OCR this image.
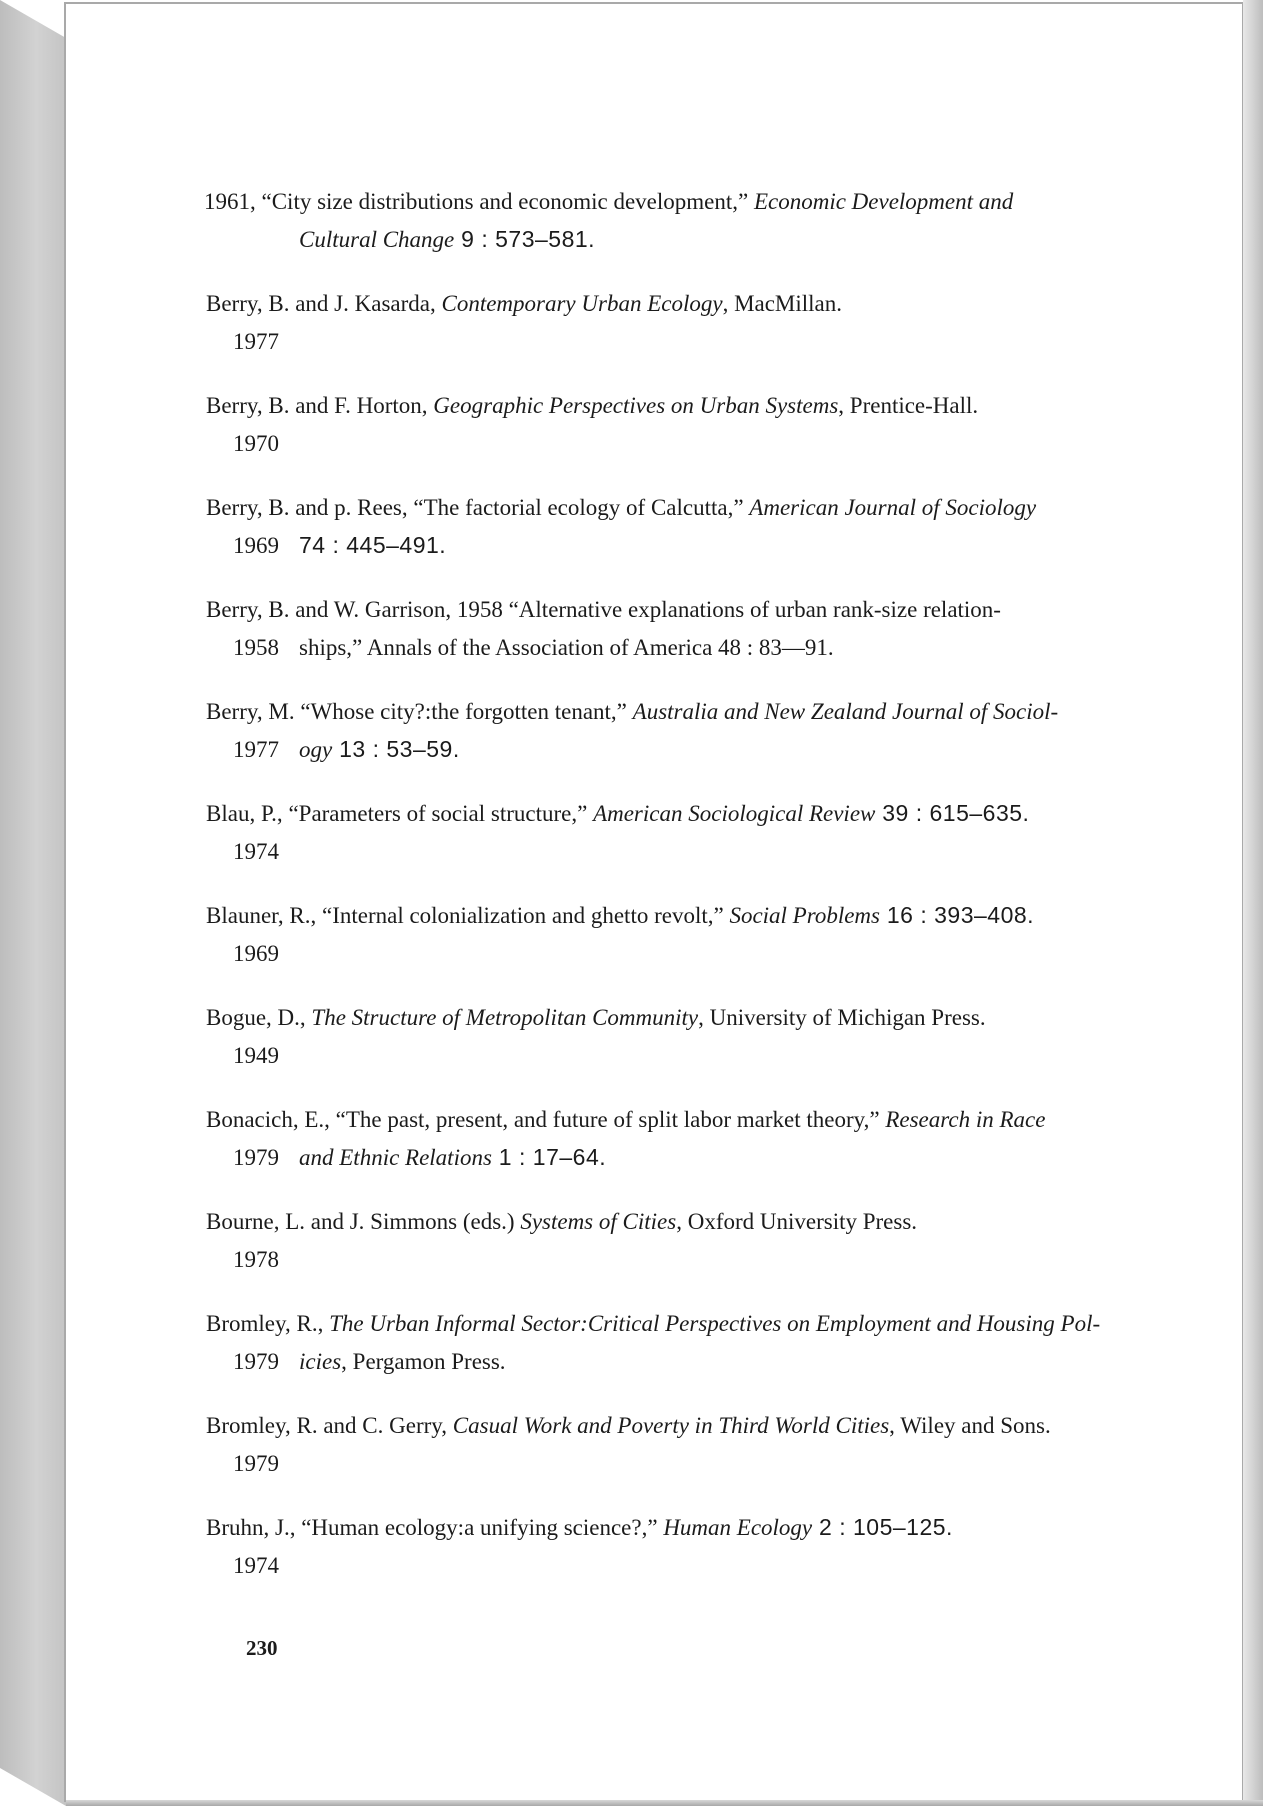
1961, “City size distributions and economic development,” Economic Development and
Cultural Change 9 : 573–581.
Berry, B. and J. Kasarda, Contemporary Urban Ecology, MacMillan.
1977
Berry, B. and F. Horton, Geographic Perspectives on Urban Systems, Prentice-Hall.
1970
Berry, B. and p. Rees, “The factorial ecology of Calcutta,” American Journal of Sociology
1969 74 : 445–491.
Berry, B. and W. Garrison, 1958 “Alternative explanations of urban rank-size relation-
1958 ships,” Annals of the Association of America 48 : 83—91.
Berry, M. “Whose city?:the forgotten tenant,” Australia and New Zealand Journal of Sociol-
1977 ogy 13 : 53–59.
Blau, P., “Parameters of social structure,” American Sociological Review 39 : 615–635.
1974
Blauner, R., “Internal colonialization and ghetto revolt,” Social Problems 16 : 393–408.
1969
Bogue, D., The Structure of Metropolitan Community, University of Michigan Press.
1949
Bonacich, E., “The past, present, and future of split labor market theory,” Research in Race
1979 and Ethnic Relations 1 : 17–64.
Bourne, L. and J. Simmons (eds.) Systems of Cities, Oxford University Press.
1978
Bromley, R., The Urban Informal Sector:Critical Perspectives on Employment and Housing Pol-
1979 icies, Pergamon Press.
Bromley, R. and C. Gerry, Casual Work and Poverty in Third World Cities, Wiley and Sons.
1979
Bruhn, J., “Human ecology:a unifying science?,” Human Ecology 2 : 105–125.
1974
230
